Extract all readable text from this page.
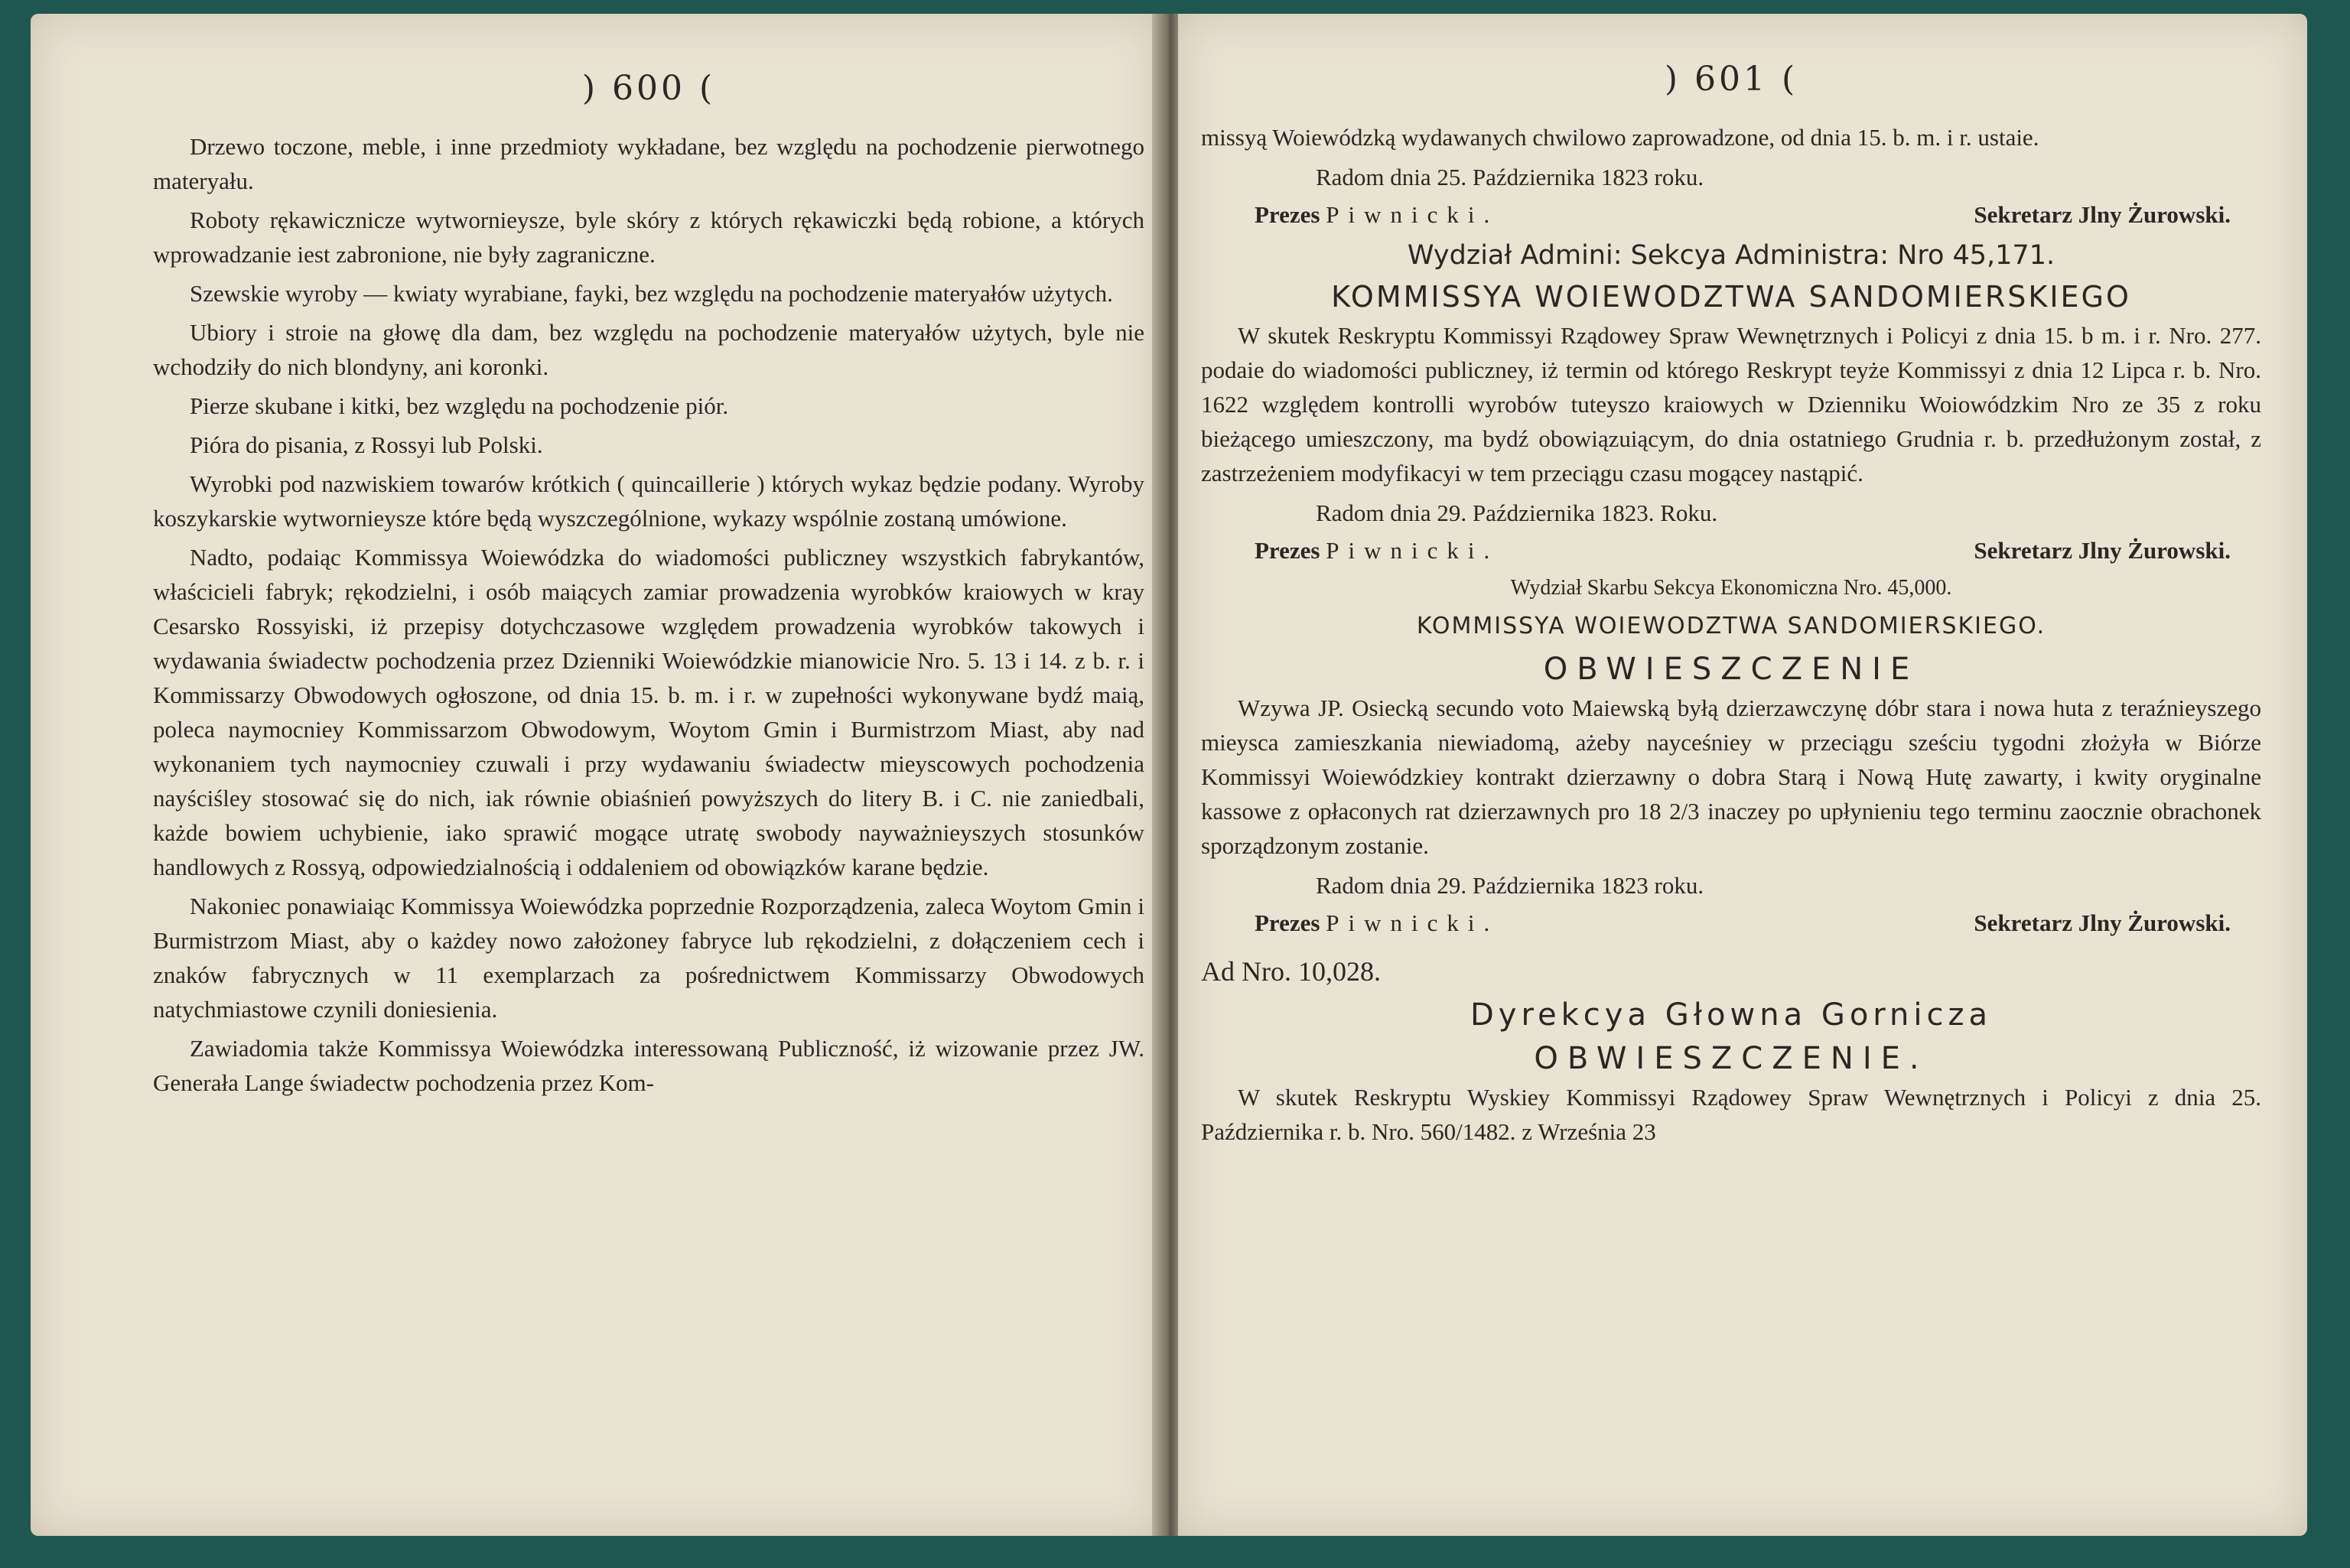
) 600 (

Drzewo toczone, meble, i inne przedmioty wykładane, bez względu na pochodzenie pierwotnego materyału.

Roboty rękawicznicze wytwornieysze, byle skóry z których rękawiczki będą robione, a których wprowadzanie iest zabronione, nie były zagraniczne.

Szewskie wyroby — kwiaty wyrabiane, fayki, bez względu na pochodzenie materyałów użytych.

Ubiory i stroie na głowę dla dam, bez względu na pochodzenie materyałów użytych, byle nie wchodziły do nich blondyny, ani koronki.

Pierze skubane i kitki, bez względu na pochodzenie piór.

Pióra do pisania, z Rossyi lub Polski.

Wyrobki pod nazwiskiem towarów krótkich ( quincaillerie ) których wykaz będzie podany. Wyroby koszykarskie wytwornieysze które będą wyszczególnione, wykazy wspólnie zostaną umówione.

Nadto, podaiąc Kommissya Woiewódzka do wiadomości publiczney wszystkich fabrykantów, właścicieli fabryk; rękodzielni, i osób maiących zamiar prowadzenia wyrobków kraiowych w kray Cesarsko Rossyiski, iż przepisy dotychczasowe względem prowadzenia wyrobków takowych i wydawania świadectw pochodzenia przez Dzienniki Woiewódzkie mianowicie Nro. 5. 13 i 14. z b. r. i Kommissarzy Obwodowych ogłoszone, od dnia 15. b. m. i r. w zupełności wykonywane bydź maią, poleca naymocniey Kommissarzom Obwodowym, Woytom Gmin i Burmistrzom Miast, aby nad wykonaniem tych naymocniey czuwali i przy wydawaniu świadectw mieyscowych pochodzenia nayściśley stosować się do nich, iak równie obiaśnień powyższych do litery B. i C. nie zaniedbali, każde bowiem uchybienie, iako sprawić mogące utratę swobody nayważnieyszych stosunków handlowych z Rossyą, odpowiedzialnością i oddaleniem od obowiązków karane będzie.

Nakoniec ponawiaiąc Kommissya Woiewódzka poprzednie Rozporządzenia, zaleca Woytom Gmin i Burmistrzom Miast, aby o każdey nowo założoney fabryce lub rękodzielni, z dołączeniem cech i znaków fabrycznych w 11 exemplarzach za pośrednictwem Kommissarzy Obwodowych natychmiastowe czynili doniesienia.

Zawiadomia także Kommissya Woiewódzka interessowaną Publiczność, iż wizowanie przez JW. Generała Lange świadectw pochodzenia przez Kom-

) 601 (

missyą Woiewódzką wydawanych chwilowo zaprowadzone, od dnia 15. b. m. i r. ustaie.

Radom dnia 25. Października 1823 roku.

Prezes Piwnicki.	Sekretarz Jlny Żurowski.

Wydział Admini: Sekcya Administra: Nro 45,171.

KOMMISSYA WOIEWODZTWA SANDOMIERSKIEGO

W skutek Reskryptu Kommissyi Rządowey Spraw Wewnętrznych i Policyi z dnia 15. b m. i r. Nro. 277. podaie do wiadomości publiczney, iż termin od którego Reskrypt teyże Kommissyi z dnia 12 Lipca r. b. Nro. 1622 względem kontrolli wyrobów tuteyszo kraiowych w Dzienniku Woiowódzkim Nro ze 35 z roku bieżącego umieszczony, ma bydź obowiązuiącym, do dnia ostatniego Grudnia r. b. przedłużonym został, z zastrzeżeniem modyfikacyi w tem przeciągu czasu mogącey nastąpić.

Radom dnia 29. Października 1823. Roku.

Prezes Piwnicki.	Sekretarz Jlny Żurowski.

Wydział Skarbu Sekcya Ekonomiczna Nro. 45,000.

KOMMISSYA WOIEWODZTWA SANDOMIERSKIEGO.

OBWIESZCZENIE

Wzywa JP. Osiecką secundo voto Maiewską byłą dzierzawczynę dóbr stara i nowa huta z teraźnieyszego mieysca zamieszkania niewiadomą, ażeby nayceśniey w przeciągu sześciu tygodni złożyła w Biórze Kommissyi Woiewódzkiey kontrakt dzierzawny o dobra Starą i Nową Hutę zawarty, i kwity oryginalne kassowe z opłaconych rat dzierzawnych pro 18 2/3 inaczey po upłynieniu tego terminu zaocznie obrachonek sporządzonym zostanie.

Radom dnia 29. Października 1823 roku.

Prezes Piwnicki.	Sekretarz Jlny Żurowski.

Ad Nro. 10,028.

Dyrekcya Głowna Gornicza

OBWIESZCZENIE.

W skutek Reskryptu Wyskiey Kommissyi Rządowey Spraw Wewnętrznych i Policyi z dnia 25. Października r. b. Nro. 560/1482. z Września 23
